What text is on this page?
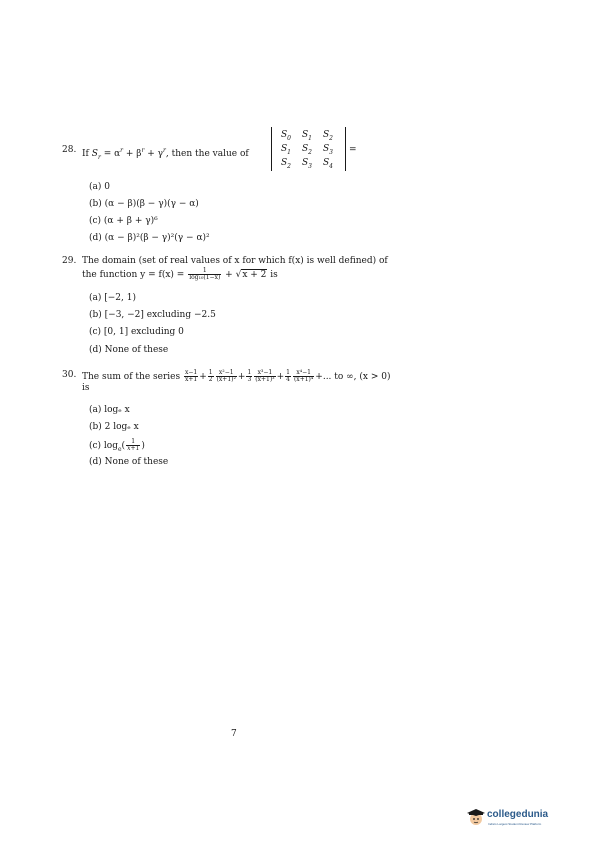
28. If $S_r = \alpha^r + \beta^r + \gamma^r$, then the value of
$S_0$ $S_1$ $S_2$
$S_1$ $S_2$ $S_3$
$S_2$ $S_3$ $S_4$
=
(a) 0
(b) (α − β)(β − γ)(γ − α)
(c) (α + β + γ)⁶
(d) (α − β)²(β − γ)²(γ − α)²
29. The domain (set of real values of x for which f(x) is well defined) of
the function $y = f(x) = \frac{1}{\text{log₁₀(1−x)}} + √x + 2$ is
(a) [−2, 1)
(b) [−3, −2] excluding −2.5
(c) [0, 1] excluding 0
(d) None of these
30. The sum of the series $\frac{x-1}{x+1} + \frac{1}{2} \frac{\text{x²−1}}{\text{(x+1)²}} + \frac{1}{3} \frac{\text{x³−1}}{\text{(x+1)³}} + \frac{1}{4} \frac{\text{x⁴−1}}{\text{(x+1)⁴}}$ +... to ∞, (x > 0)
is
(a) logₑ x
(b) 2 logₑ x
(c) $\log_e( \frac{1}{x+1}$ )
(d) None of these
7
collegedunia
India's Largest Student Review Platform
